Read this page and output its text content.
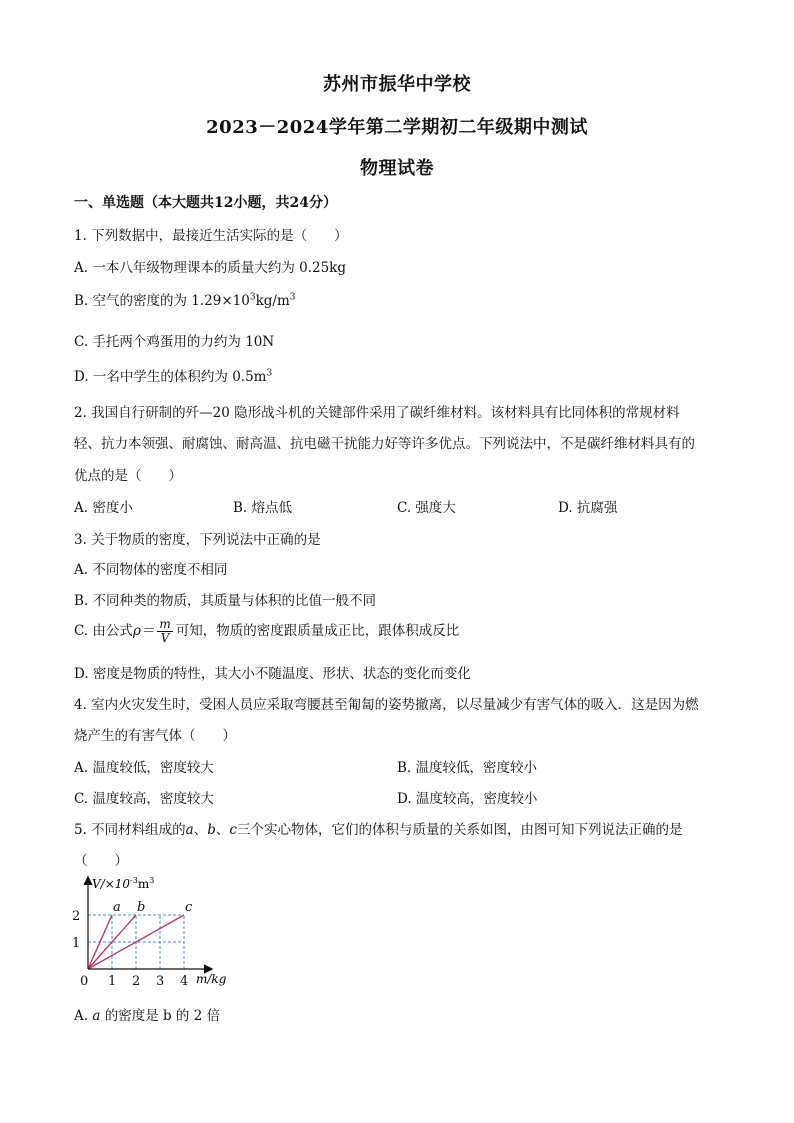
苏州市振华中学校
2023－2024学年第二学期初二年级期中测试
物理试卷
一、单选题（本大题共12小题，共24分）
1. 下列数据中，最接近生活实际的是（　　）
A. 一本八年级物理课本的质量大约为 0.25kg
B. 空气的密度的为 $1.29\times 10^3kg/m^3$
C. 手托两个鸡蛋用的力约为 10N
D. 一名中学生的体积约为 $0.5m^3$
2. 我国自行研制的歼—20 隐形战斗机的关键部件采用了碳纤维材料。该材料具有比同体积的常规材料
轻、抗力本领强、耐腐蚀、耐高温、抗电磁干扰能力好等许多优点。下列说法中，不是碳纤维材料具有的
优点的是（　　）
A. 密度小	B. 熔点低	C. 强度大	D. 抗腐强
3. 关于物质的密度，下列说法中正确的是
A. 不同物体的密度不相同
B. 不同种类的物质，其质量与体积的比值一般不同
C. 由公式$\rho= \frac{m}{V}$ 可知，物质的密度跟质量成正比，跟体积成反比
D. 密度是物质的特性，其大小不随温度、形状、状态的变化而变化
4. 室内火灾发生时，受困人员应采取弯腰甚至匍匐的姿势撤离，以尽量减少有害气体的吸入．这是因为燃
烧产生的有害气体（　　）
A. 温度较低，密度较大	B. 温度较低，密度较小
C. 温度较高，密度较大	D. 温度较高，密度较小
5. 不同材料组成的a、b、c三个实心物体，它们的体积与质量的关系如图，由图可知下列说法正确的是
（　　）
a b	c
0 1 2 3 4
1
2
$V/\times 10^{-3}m^3$
m/kg
A. a 的密度是 b 的 2 倍
